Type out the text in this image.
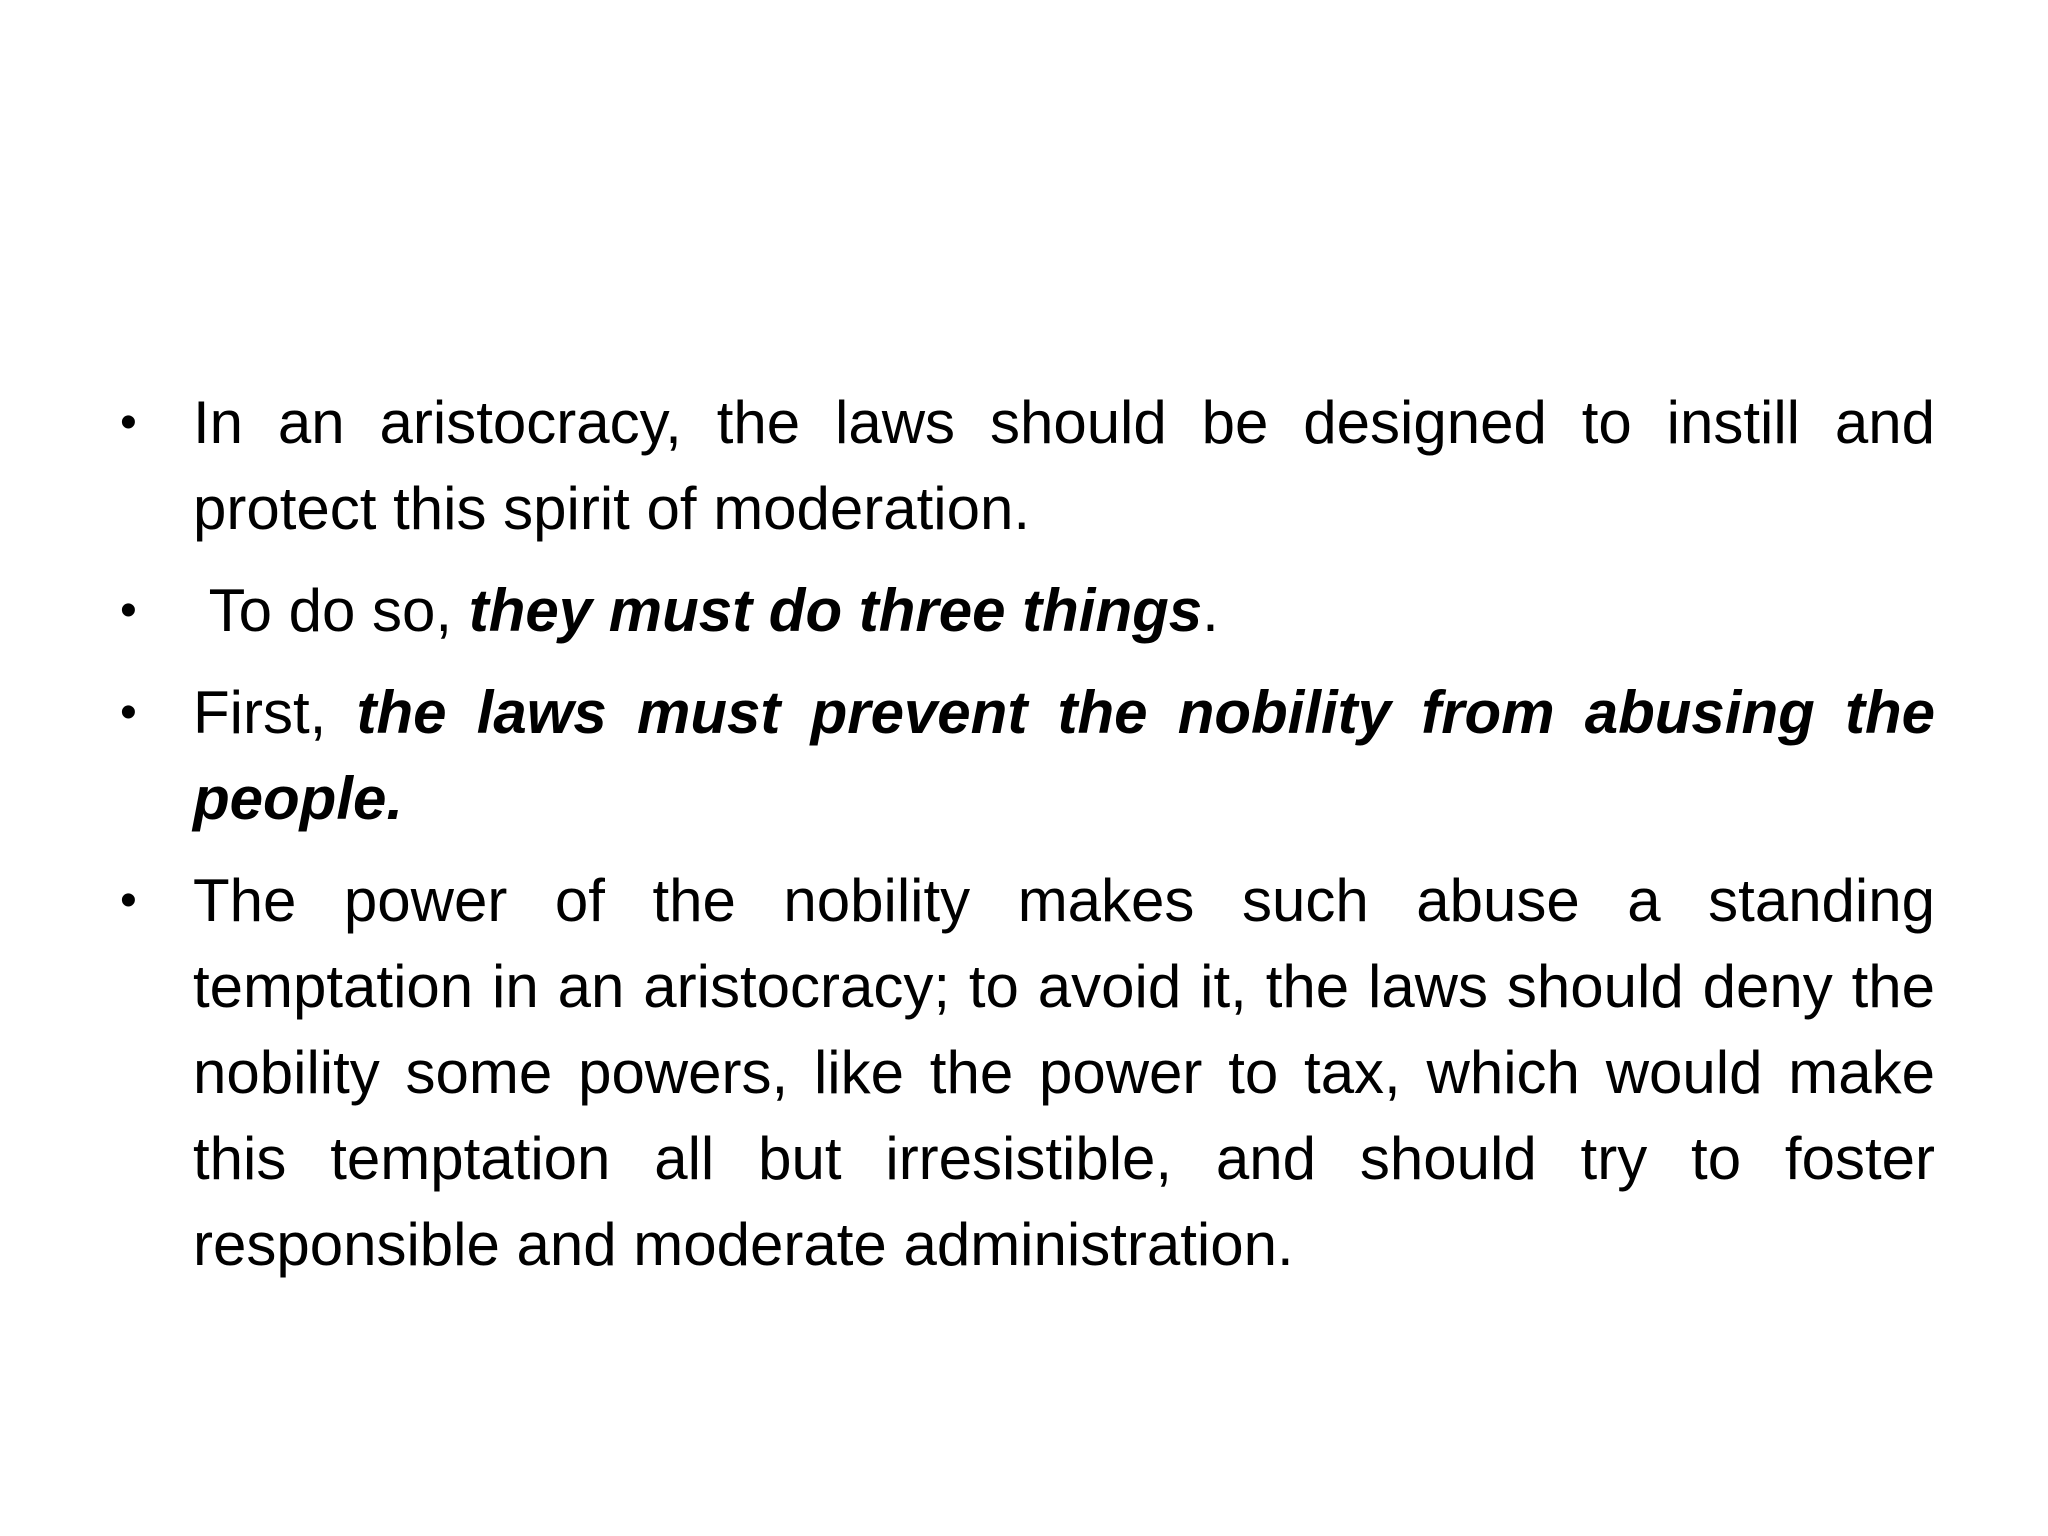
• In an aristocracy, the laws should be designed to instill and protect this spirit of moderation.
• To do so, they must do three things.
• First, the laws must prevent the nobility from abusing the people.
• The power of the nobility makes such abuse a standing temptation in an aristocracy; to avoid it, the laws should deny the nobility some powers, like the power to tax, which would make this temptation all but irresistible, and should try to foster responsible and moderate administration.
